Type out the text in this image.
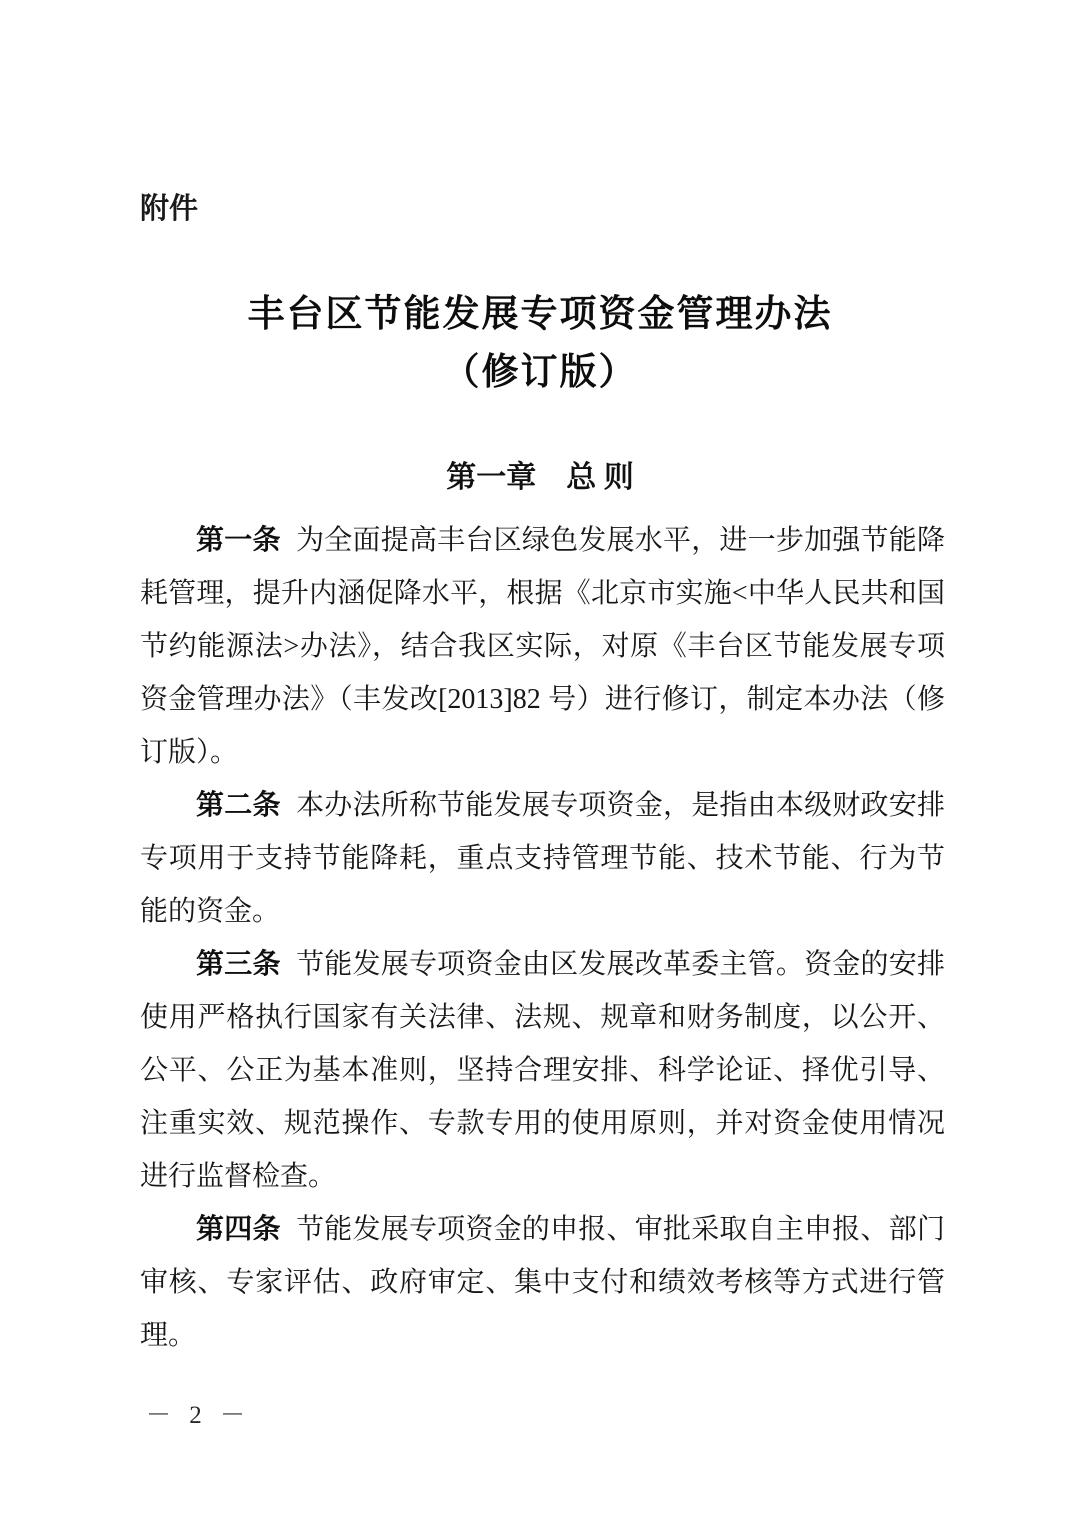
附件
丰台区节能发展专项资金管理办法
（修订版）
第一章　总 则

第一条 为全面提高丰台区绿色发展水平，进一步加强节能降耗管理，提升内涵促降水平，根据《北京市实施<中华人民共和国节约能源法>办法》，结合我区实际，对原《丰台区节能发展专项资金管理办法》（丰发改[2013]82 号）进行修订，制定本办法（修订版）。

第二条 本办法所称节能发展专项资金，是指由本级财政安排专项用于支持节能降耗，重点支持管理节能、技术节能、行为节能的资金。

第三条 节能发展专项资金由区发展改革委主管。资金的安排使用严格执行国家有关法律、法规、规章和财务制度，以公开、公平、公正为基本准则，坚持合理安排、科学论证、择优引导、注重实效、规范操作、专款专用的使用原则，并对资金使用情况进行监督检查。

第四条 节能发展专项资金的申报、审批采取自主申报、部门审核、专家评估、政府审定、集中支付和绩效考核等方式进行管理。

－ 2 －
